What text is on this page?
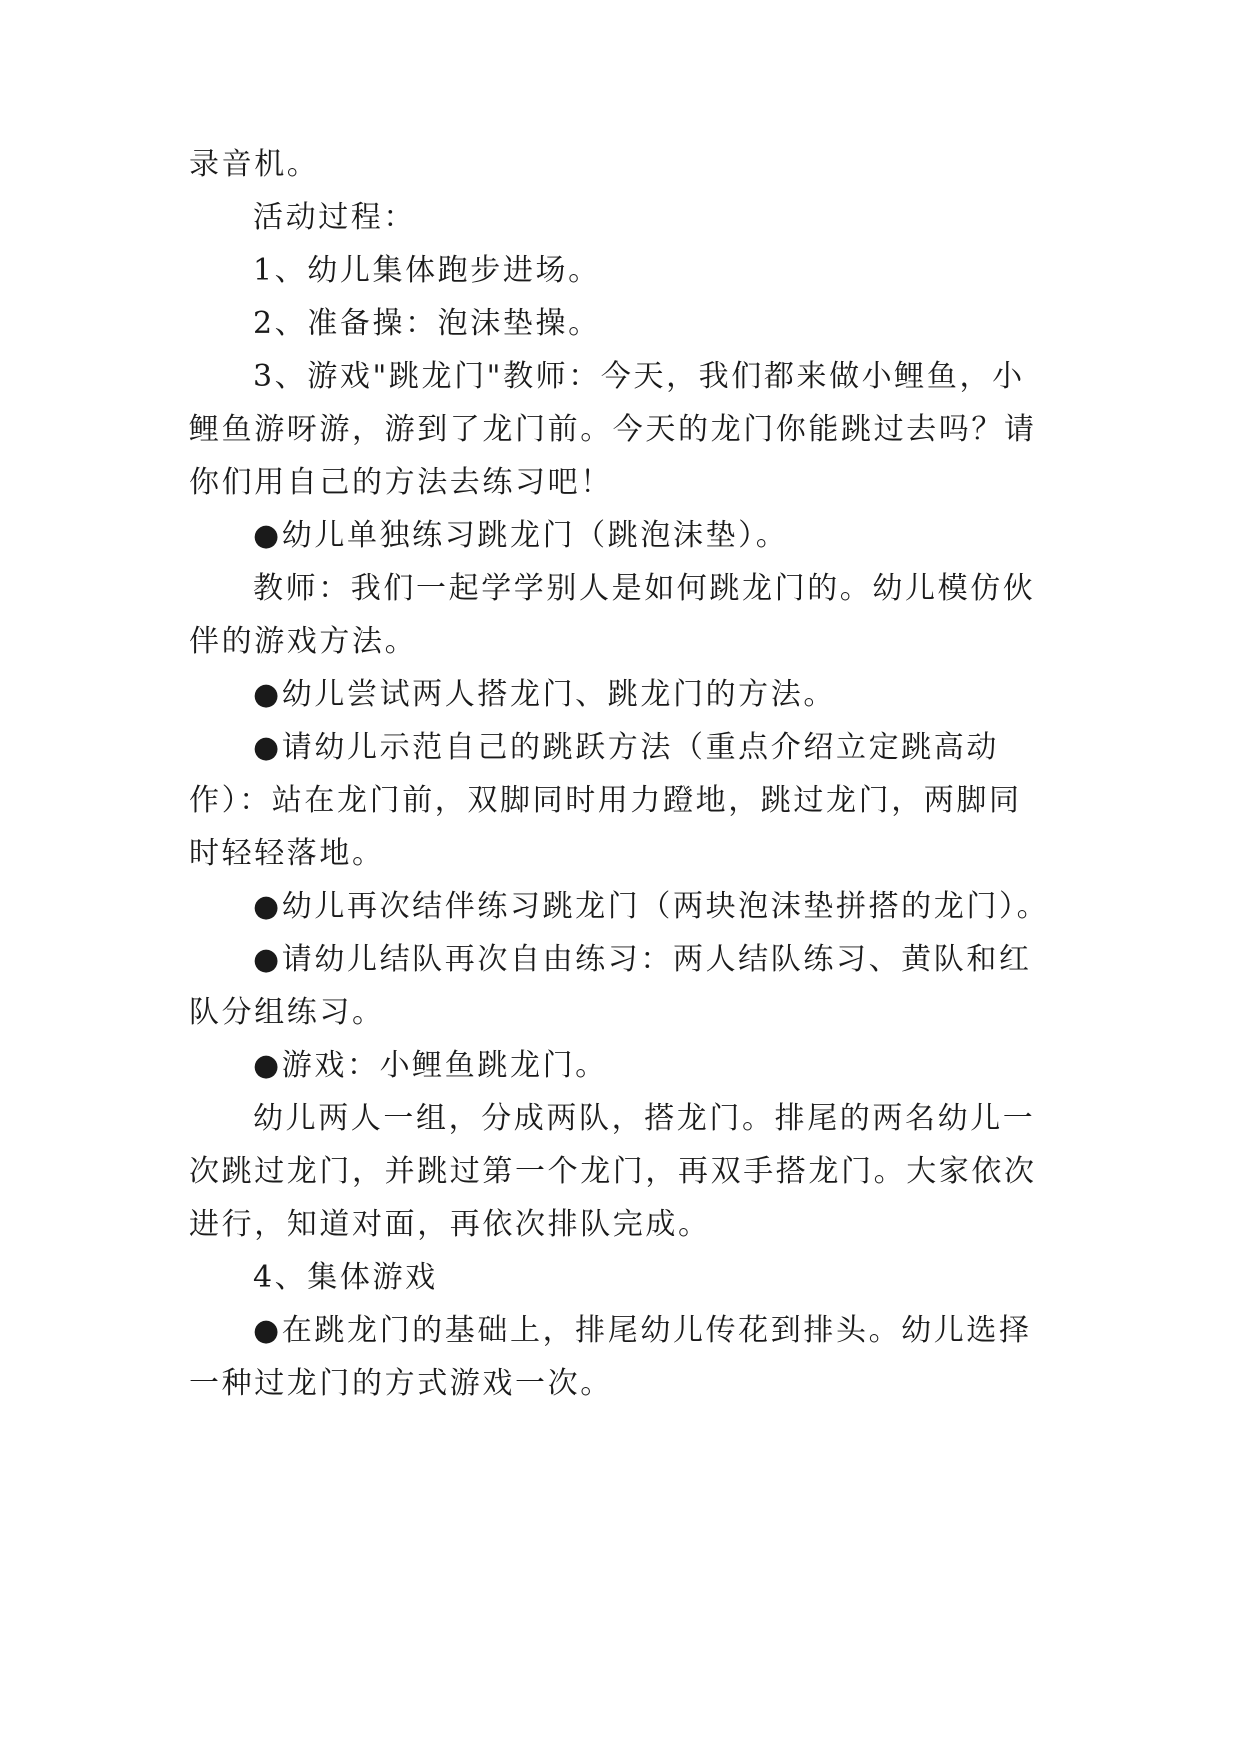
录音机。

活动过程：

1、幼儿集体跑步进场。

2、准备操：泡沫垫操。

3、游戏"跳龙门"教师：今天，我们都来做小鲤鱼，小

鲤鱼游呀游，游到了龙门前。今天的龙门你能跳过去吗？请

你们用自己的方法去练习吧！

●幼儿单独练习跳龙门（跳泡沫垫）。

教师：我们一起学学别人是如何跳龙门的。幼儿模仿伙

伴的游戏方法。

●幼儿尝试两人搭龙门、跳龙门的方法。

●请幼儿示范自己的跳跃方法（重点介绍立定跳高动

作）：站在龙门前，双脚同时用力蹬地，跳过龙门，两脚同

时轻轻落地。

●幼儿再次结伴练习跳龙门（两块泡沫垫拼搭的龙门）。

●请幼儿结队再次自由练习：两人结队练习、黄队和红

队分组练习。

●游戏：小鲤鱼跳龙门。

幼儿两人一组，分成两队，搭龙门。排尾的两名幼儿一

次跳过龙门，并跳过第一个龙门，再双手搭龙门。大家依次

进行，知道对面，再依次排队完成。

4、集体游戏

●在跳龙门的基础上，排尾幼儿传花到排头。幼儿选择

一种过龙门的方式游戏一次。
